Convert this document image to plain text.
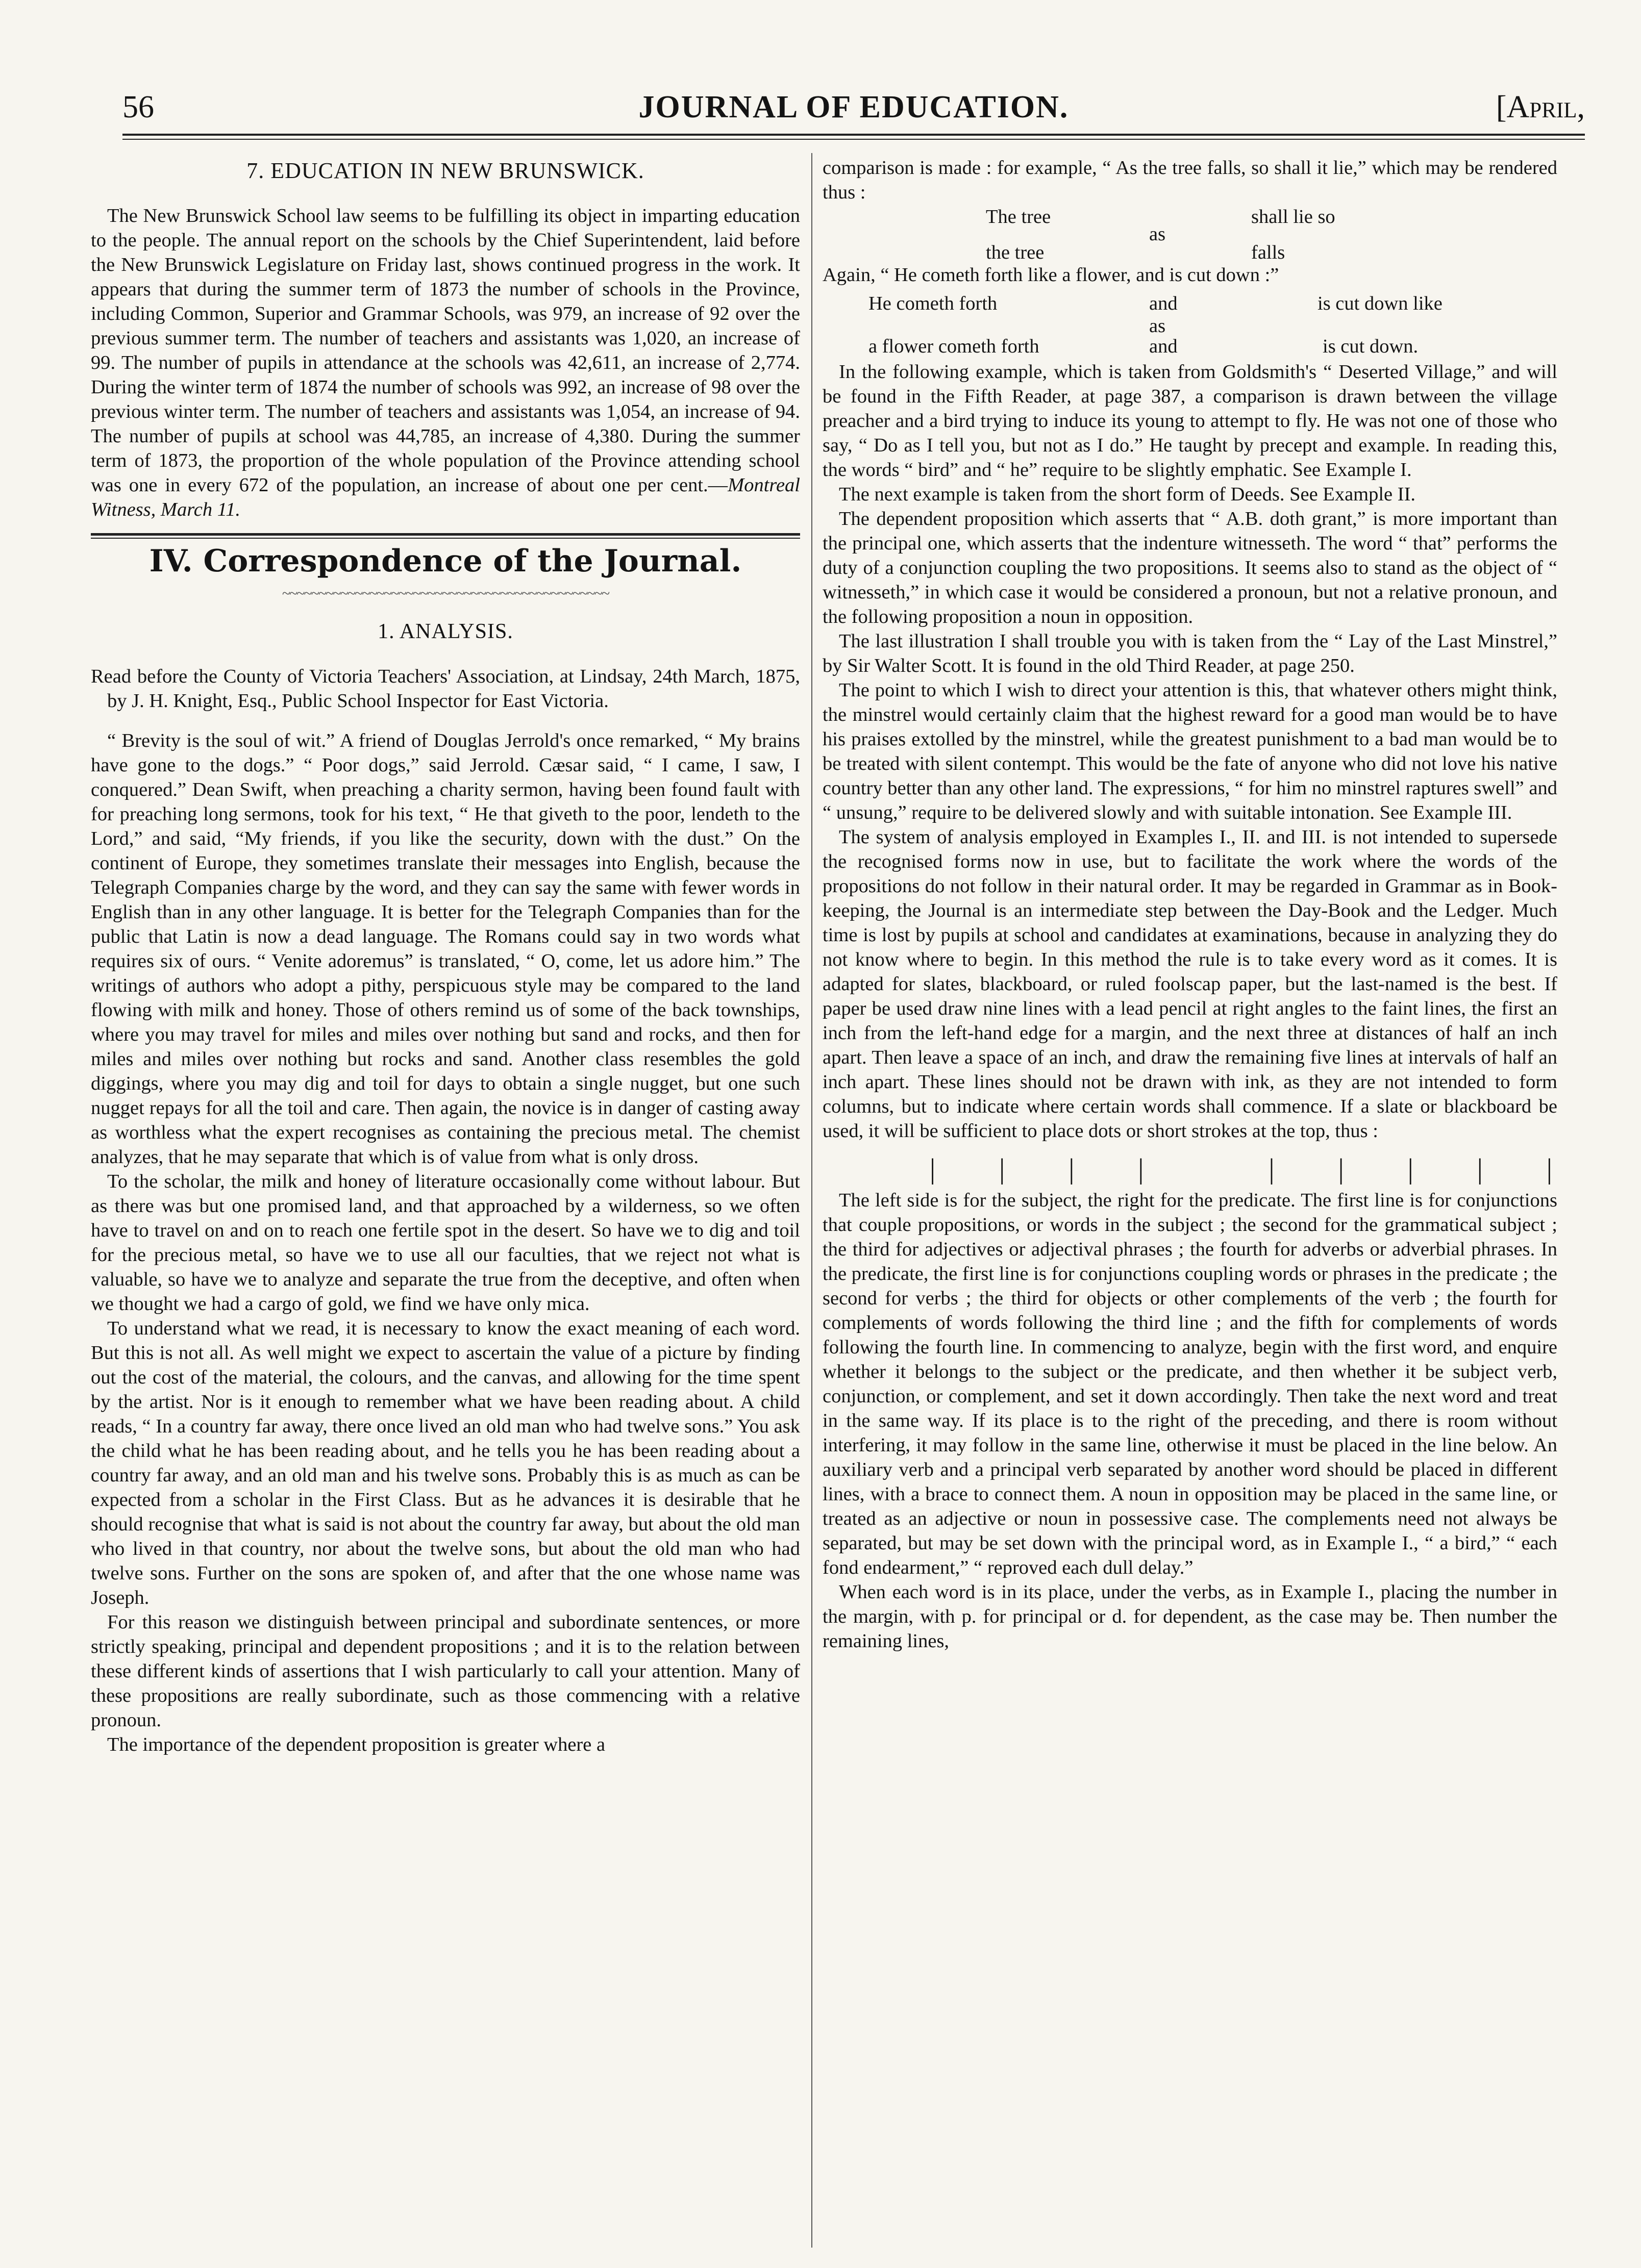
56	JOURNAL OF EDUCATION.	[April,
7. EDUCATION IN NEW BRUNSWICK.

The New Brunswick School law seems to be fulfilling its object in imparting education to the people. The annual report on the schools by the Chief Superintendent, laid before the New Brunswick Legislature on Friday last, shows continued progress in the work. It appears that during the summer term of 1873 the number of schools in the Province, including Common, Superior and Grammar Schools, was 979, an increase of 92 over the previous summer term. The number of teachers and assistants was 1,020, an increase of 99. The number of pupils in attendance at the schools was 42,611, an increase of 2,774. During the winter term of 1874 the number of schools was 992, an increase of 98 over the previous winter term. The number of teachers and assistants was 1,054, an increase of 94. The number of pupils at school was 44,785, an increase of 4,380. During the summer term of 1873, the proportion of the whole population of the Province attending school was one in every 672 of the population, an increase of about one per cent.—Montreal Witness, March 11.

IV. Correspondence of the Journal.
~~~~~~~~~~~~~~~~~~~~~~~~~~~~~~~~~~~~~~~~~~~~~
1. ANALYSIS.

Read before the County of Victoria Teachers' Association, at Lindsay, 24th March, 1875, by J. H. Knight, Esq., Public School Inspector for East Victoria.

“ Brevity is the soul of wit.” A friend of Douglas Jerrold's once remarked, “ My brains have gone to the dogs.” “ Poor dogs,” said Jerrold. Cæsar said, “ I came, I saw, I conquered.” Dean Swift, when preaching a charity sermon, having been found fault with for preaching long sermons, took for his text, “ He that giveth to the poor, lendeth to the Lord,” and said, “My friends, if you like the security, down with the dust.” On the continent of Europe, they sometimes translate their messages into English, because the Telegraph Companies charge by the word, and they can say the same with fewer words in English than in any other language. It is better for the Telegraph Companies than for the public that Latin is now a dead language. The Romans could say in two words what requires six of ours. “ Venite adoremus” is translated, “ O, come, let us adore him.” The writings of authors who adopt a pithy, perspicuous style may be compared to the land flowing with milk and honey. Those of others remind us of some of the back townships, where you may travel for miles and miles over nothing but sand and rocks, and then for miles and miles over nothing but rocks and sand. Another class resembles the gold diggings, where you may dig and toil for days to obtain a single nugget, but one such nugget repays for all the toil and care. Then again, the novice is in danger of casting away as worthless what the expert recognises as containing the precious metal. The chemist analyzes, that he may separate that which is of value from what is only dross.

To the scholar, the milk and honey of literature occasionally come without labour. But as there was but one promised land, and that approached by a wilderness, so we often have to travel on and on to reach one fertile spot in the desert. So have we to dig and toil for the precious metal, so have we to use all our faculties, that we reject not what is valuable, so have we to analyze and separate the true from the deceptive, and often when we thought we had a cargo of gold, we find we have only mica.

To understand what we read, it is necessary to know the exact meaning of each word. But this is not all. As well might we expect to ascertain the value of a picture by finding out the cost of the material, the colours, and the canvas, and allowing for the time spent by the artist. Nor is it enough to remember what we have been reading about. A child reads, “ In a country far away, there once lived an old man who had twelve sons.” You ask the child what he has been reading about, and he tells you he has been reading about a country far away, and an old man and his twelve sons. Probably this is as much as can be expected from a scholar in the First Class. But as he advances it is desirable that he should recognise that what is said is not about the country far away, but about the old man who lived in that country, nor about the twelve sons, but about the old man who had twelve sons. Further on the sons are spoken of, and after that the one whose name was Joseph.

For this reason we distinguish between principal and subordinate sentences, or more strictly speaking, principal and dependent propositions ; and it is to the relation between these different kinds of assertions that I wish particularly to call your attention. Many of these propositions are really subordinate, such as those commencing with a relative pronoun.

The importance of the dependent proposition is greater where a

comparison is made : for example, “ As the tree falls, so shall it lie,” which may be rendered thus :

The tree	shall lie so
as
the tree	falls

Again, “ He cometh forth like a flower, and is cut down :”

He cometh forth	and	is cut down like
as
a flower cometh forth	and	is cut down.

In the following example, which is taken from Goldsmith's “ Deserted Village,” and will be found in the Fifth Reader, at page 387, a comparison is drawn between the village preacher and a bird trying to induce its young to attempt to fly. He was not one of those who say, “ Do as I tell you, but not as I do.” He taught by precept and example. In reading this, the words “ bird” and “ he” require to be slightly emphatic. See Example I.

The next example is taken from the short form of Deeds. See Example II.

The dependent proposition which asserts that “ A.B. doth grant,” is more important than the principal one, which asserts that the indenture witnesseth. The word “ that” performs the duty of a conjunction coupling the two propositions. It seems also to stand as the object of “ witnesseth,” in which case it would be considered a pronoun, but not a relative pronoun, and the following proposition a noun in opposition.

The last illustration I shall trouble you with is taken from the “ Lay of the Last Minstrel,” by Sir Walter Scott. It is found in the old Third Reader, at page 250.

The point to which I wish to direct your attention is this, that whatever others might think, the minstrel would certainly claim that the highest reward for a good man would be to have his praises extolled by the minstrel, while the greatest punishment to a bad man would be to be treated with silent contempt. This would be the fate of anyone who did not love his native country better than any other land. The expressions, “ for him no minstrel raptures swell” and “ unsung,” require to be delivered slowly and with suitable intonation. See Example III.

The system of analysis employed in Examples I., II. and III. is not intended to supersede the recognised forms now in use, but to facilitate the work where the words of the propositions do not follow in their natural order. It may be regarded in Grammar as in Book-keeping, the Journal is an intermediate step between the Day-Book and the Ledger. Much time is lost by pupils at school and candidates at examinations, because in analyzing they do not know where to begin. In this method the rule is to take every word as it comes. It is adapted for slates, blackboard, or ruled foolscap paper, but the last-named is the best. If paper be used draw nine lines with a lead pencil at right angles to the faint lines, the first an inch from the left-hand edge for a margin, and the next three at distances of half an inch apart. Then leave a space of an inch, and draw the remaining five lines at intervals of half an inch apart. These lines should not be drawn with ink, as they are not intended to form columns, but to indicate where certain words shall commence. If a slate or blackboard be used, it will be sufficient to place dots or short strokes at the top, thus :

| | | |	| | | | |

The left side is for the subject, the right for the predicate. The first line is for conjunctions that couple propositions, or words in the subject ; the second for the grammatical subject ; the third for adjectives or adjectival phrases ; the fourth for adverbs or adverbial phrases. In the predicate, the first line is for conjunctions coupling words or phrases in the predicate ; the second for verbs ; the third for objects or other complements of the verb ; the fourth for complements of words following the third line ; and the fifth for complements of words following the fourth line. In commencing to analyze, begin with the first word, and enquire whether it belongs to the subject or the predicate, and then whether it be subject verb, conjunction, or complement, and set it down accordingly. Then take the next word and treat in the same way. If its place is to the right of the preceding, and there is room without interfering, it may follow in the same line, otherwise it must be placed in the line below. An auxiliary verb and a principal verb separated by another word should be placed in different lines, with a brace to connect them. A noun in opposition may be placed in the same line, or treated as an adjective or noun in possessive case. The complements need not always be separated, but may be set down with the principal word, as in Example I., “ a bird,” “ each fond endearment,” “ reproved each dull delay.”

When each word is in its place, under the verbs, as in Example I., placing the number in the margin, with p. for principal or d. for dependent, as the case may be. Then number the remaining lines,
